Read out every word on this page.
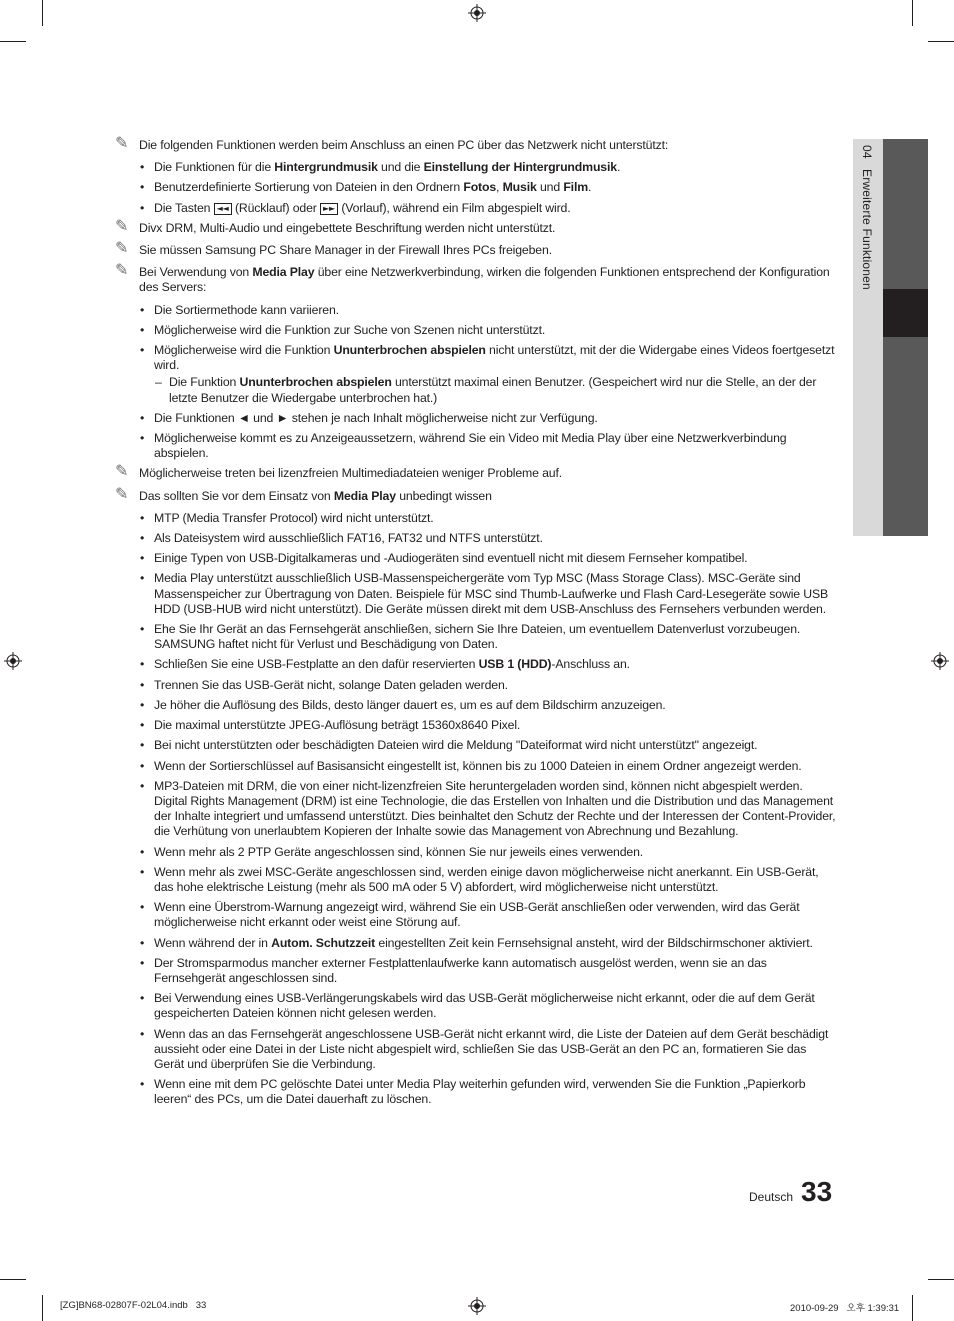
04   Erweiterte Funktionen
✎ Die folgenden Funktionen werden beim Anschluss an einen PC über das Netzwerk nicht unterstützt:
• Die Funktionen für die Hintergrundmusik und die Einstellung der Hintergrundmusik.
• Benutzerdefinierte Sortierung von Dateien in den Ordnern Fotos, Musik und Film.
• Die Tasten ◄◄ (Rücklauf) oder ►► (Vorlauf), während ein Film abgespielt wird.
✎ Divx DRM, Multi-Audio und eingebettete Beschriftung werden nicht unterstützt.
✎ Sie müssen Samsung PC Share Manager in der Firewall Ihres PCs freigeben.
✎ Bei Verwendung von Media Play über eine Netzwerkverbindung, wirken die folgenden Funktionen entsprechend der Konfiguration des Servers:
• Die Sortiermethode kann variieren.
• Möglicherweise wird die Funktion zur Suche von Szenen nicht unterstützt.
• Möglicherweise wird die Funktion Ununterbrochen abspielen nicht unterstützt, mit der die Widergabe eines Videos foertgesetzt wird.
– Die Funktion Ununterbrochen abspielen unterstützt maximal einen Benutzer. (Gespeichert wird nur die Stelle, an der der letzte Benutzer die Wiedergabe unterbrochen hat.)
• Die Funktionen ◄ und ► stehen je nach Inhalt möglicherweise nicht zur Verfügung.
• Möglicherweise kommt es zu Anzeigeaussetzern, während Sie ein Video mit Media Play über eine Netzwerkverbindung abspielen.
✎ Möglicherweise treten bei lizenzfreien Multimediadateien weniger Probleme auf.
✎ Das sollten Sie vor dem Einsatz von Media Play unbedingt wissen
• MTP (Media Transfer Protocol) wird nicht unterstützt.
• Als Dateisystem wird ausschließlich FAT16, FAT32 und NTFS unterstützt.
• Einige Typen von USB-Digitalkameras und -Audiogeräten sind eventuell nicht mit diesem Fernseher kompatibel.
• Media Play unterstützt ausschließlich USB-Massenspeichergeräte vom Typ MSC (Mass Storage Class). MSC-Geräte sind Massenspeicher zur Übertragung von Daten. Beispiele für MSC sind Thumb-Laufwerke und Flash Card-Lesegeräte sowie USB HDD (USB-HUB wird nicht unterstützt). Die Geräte müssen direkt mit dem USB-Anschluss des Fernsehers verbunden werden.
• Ehe Sie Ihr Gerät an das Fernsehgerät anschließen, sichern Sie Ihre Dateien, um eventuellem Datenverlust vorzubeugen. SAMSUNG haftet nicht für Verlust und Beschädigung von Daten.
• Schließen Sie eine USB-Festplatte an den dafür reservierten USB 1 (HDD)-Anschluss an.
• Trennen Sie das USB-Gerät nicht, solange Daten geladen werden.
• Je höher die Auflösung des Bilds, desto länger dauert es, um es auf dem Bildschirm anzuzeigen.
• Die maximal unterstützte JPEG-Auflösung beträgt 15360x8640 Pixel.
• Bei nicht unterstützten oder beschädigten Dateien wird die Meldung "Dateiformat wird nicht unterstützt" angezeigt.
• Wenn der Sortierschlüssel auf Basisansicht eingestellt ist, können bis zu 1000 Dateien in einem Ordner angezeigt werden.
• MP3-Dateien mit DRM, die von einer nicht-lizenzfreien Site heruntergeladen worden sind, können nicht abgespielt werden. Digital Rights Management (DRM) ist eine Technologie, die das Erstellen von Inhalten und die Distribution und das Management der Inhalte integriert und umfassend unterstützt. Dies beinhaltet den Schutz der Rechte und der Interessen der Content-Provider, die Verhütung von unerlaubtem Kopieren der Inhalte sowie das Management von Abrechnung und Bezahlung.
• Wenn mehr als 2 PTP Geräte angeschlossen sind, können Sie nur jeweils eines verwenden.
• Wenn mehr als zwei MSC-Geräte angeschlossen sind, werden einige davon möglicherweise nicht anerkannt. Ein USB-Gerät, das hohe elektrische Leistung (mehr als 500 mA oder 5 V) abfordert, wird möglicherweise nicht unterstützt.
• Wenn eine Überstrom-Warnung angezeigt wird, während Sie ein USB-Gerät anschließen oder verwenden, wird das Gerät möglicherweise nicht erkannt oder weist eine Störung auf.
• Wenn während der in Autom. Schutzzeit eingestellten Zeit kein Fernsehsignal ansteht, wird der Bildschirmschoner aktiviert.
• Der Stromsparmodus mancher externer Festplattenlaufwerke kann automatisch ausgelöst werden, wenn sie an das Fernsehgerät angeschlossen sind.
• Bei Verwendung eines USB-Verlängerungskabels wird das USB-Gerät möglicherweise nicht erkannt, oder die auf dem Gerät gespeicherten Dateien können nicht gelesen werden.
• Wenn das an das Fernsehgerät angeschlossene USB-Gerät nicht erkannt wird, die Liste der Dateien auf dem Gerät beschädigt aussieht oder eine Datei in der Liste nicht abgespielt wird, schließen Sie das USB-Gerät an den PC an, formatieren Sie das Gerät und überprüfen Sie die Verbindung.
• Wenn eine mit dem PC gelöschte Datei unter Media Play weiterhin gefunden wird, verwenden Sie die Funktion „Papierkorb leeren“ des PCs, um die Datei dauerhaft zu löschen.
Deutsch 33
[ZG]BN68-02807F-02L04.indb   33	2010-09-29   오후 1:39:31
